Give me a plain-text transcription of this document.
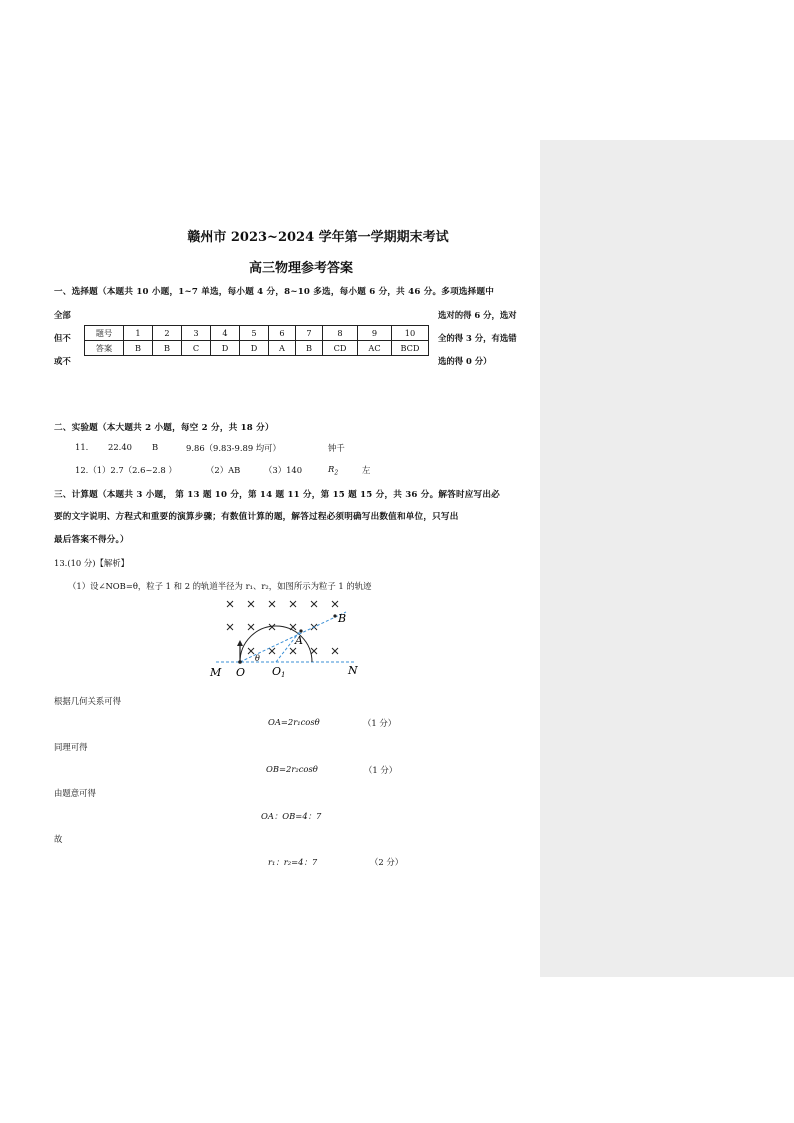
赣州市 2023~2024 学年第一学期期末考试
高三物理参考答案
一、选择题（本题共 10 小题，1~7 单选，每小题 4 分，8~10 多选，每小题 6 分，共 46 分。多项选择题中
全部
但不
或不
选对的得 6 分，选对
全的得 3 分，有选错
选的得 0 分）
题号	1	2	3	4	5	6	7	8	9	10
答案	B	B	C	D	D	A	B	CD	AC	BCD
二、实验题（本大题共 2 小题，每空 2 分，共 18 分）
11. 22.40 B	9.86（9.83-9.89 均可）	钟千
12.（1）2.7（2.6~2.8 ）	（2）AB	（3）140	$R_2$	左
三、计算题（本题共 3 小题， 第 13 题 10 分，第 14 题 11 分，第 15 题 15 分，共 36 分。解答时应写出必
要的文字说明、方程式和重要的演算步骤；有数值计算的题，解答过程必须明确写出数值和单位，只写出
最后答案不得分。）
13.(10 分)【解析】
（1）设∠NOB=θ，粒子 1 和 2 的轨道半径为 r₁、r₂，如图所示为粒子 1 的轨迹
M O O1	N
A
B
θ
根据几何关系可得
OA=2r₁cosθ	（1 分）
同理可得
OB=2r₂cosθ	（1 分）
由题意可得
OA：OB=4：7
故
r₁：r₂=4：7	（2 分）
